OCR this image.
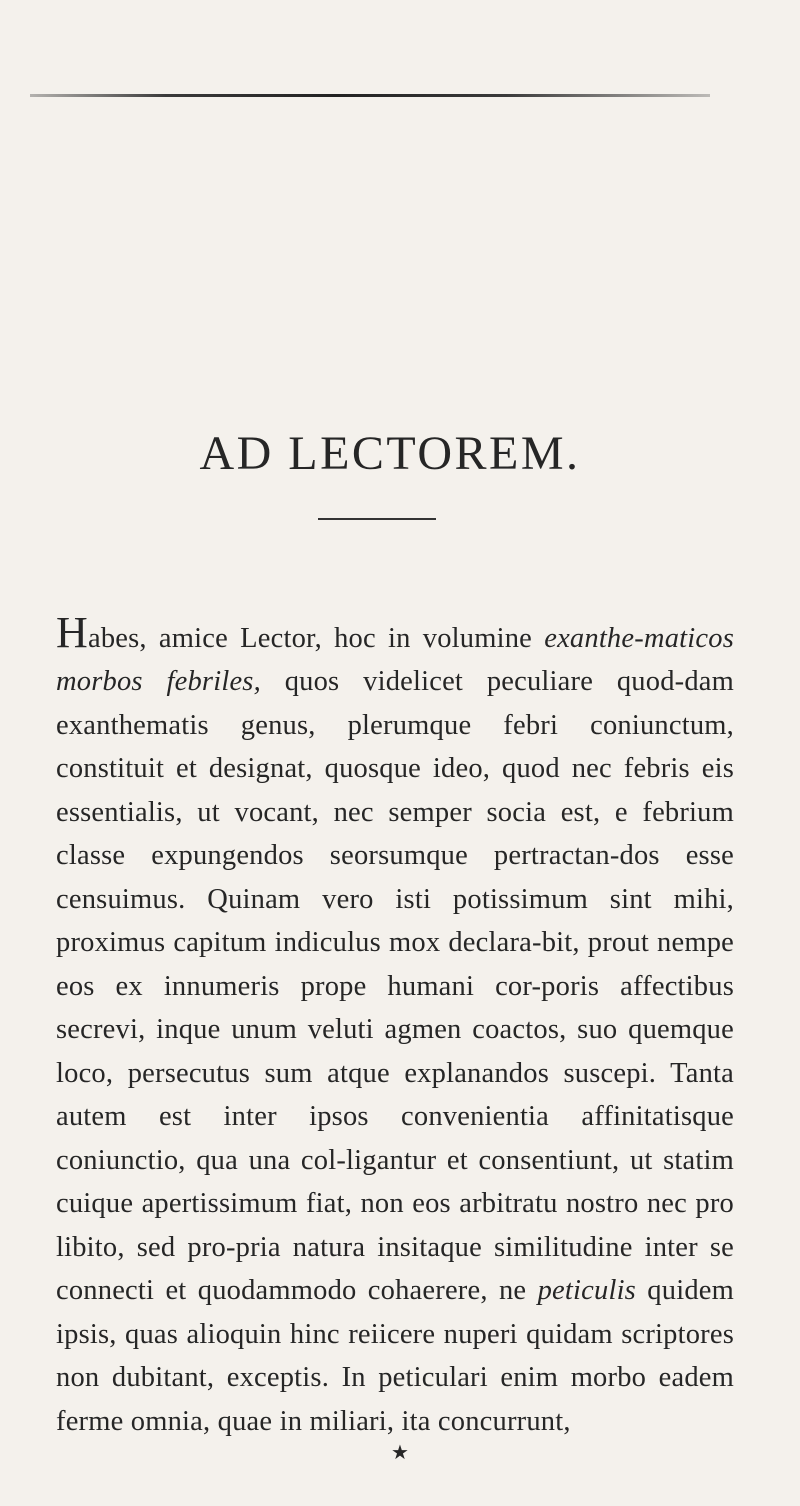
AD LECTOREM.

Habes, amice Lector, hoc in volumine exanthe-maticos morbos febriles, quos videlicet peculiare quod-dam exanthematis genus, plerumque febri coniunctum, constituit et designat, quosque ideo, quod nec febris eis essentialis, ut vocant, nec semper socia est, e febrium classe expungendos seorsumque pertractan-dos esse censuimus. Quinam vero isti potissimum sint mihi, proximus capitum indiculus mox declara-bit, prout nempe eos ex innumeris prope humani cor-poris affectibus secrevi, inque unum veluti agmen coactos, suo quemque loco, persecutus sum atque explanandos suscepi. Tanta autem est inter ipsos convenientia affinitatisque coniunctio, qua una col-ligantur et consentiunt, ut statim cuique apertissimum fiat, non eos arbitratu nostro nec pro libito, sed pro-pria natura insitaque similitudine inter se connecti et quodammodo cohaerere, ne peticulis quidem ipsis, quas alioquin hinc reiicere nuperi quidam scriptores non dubitant, exceptis. In peticulari enim morbo eadem ferme omnia, quae in miliari, ita concurrunt,

★
